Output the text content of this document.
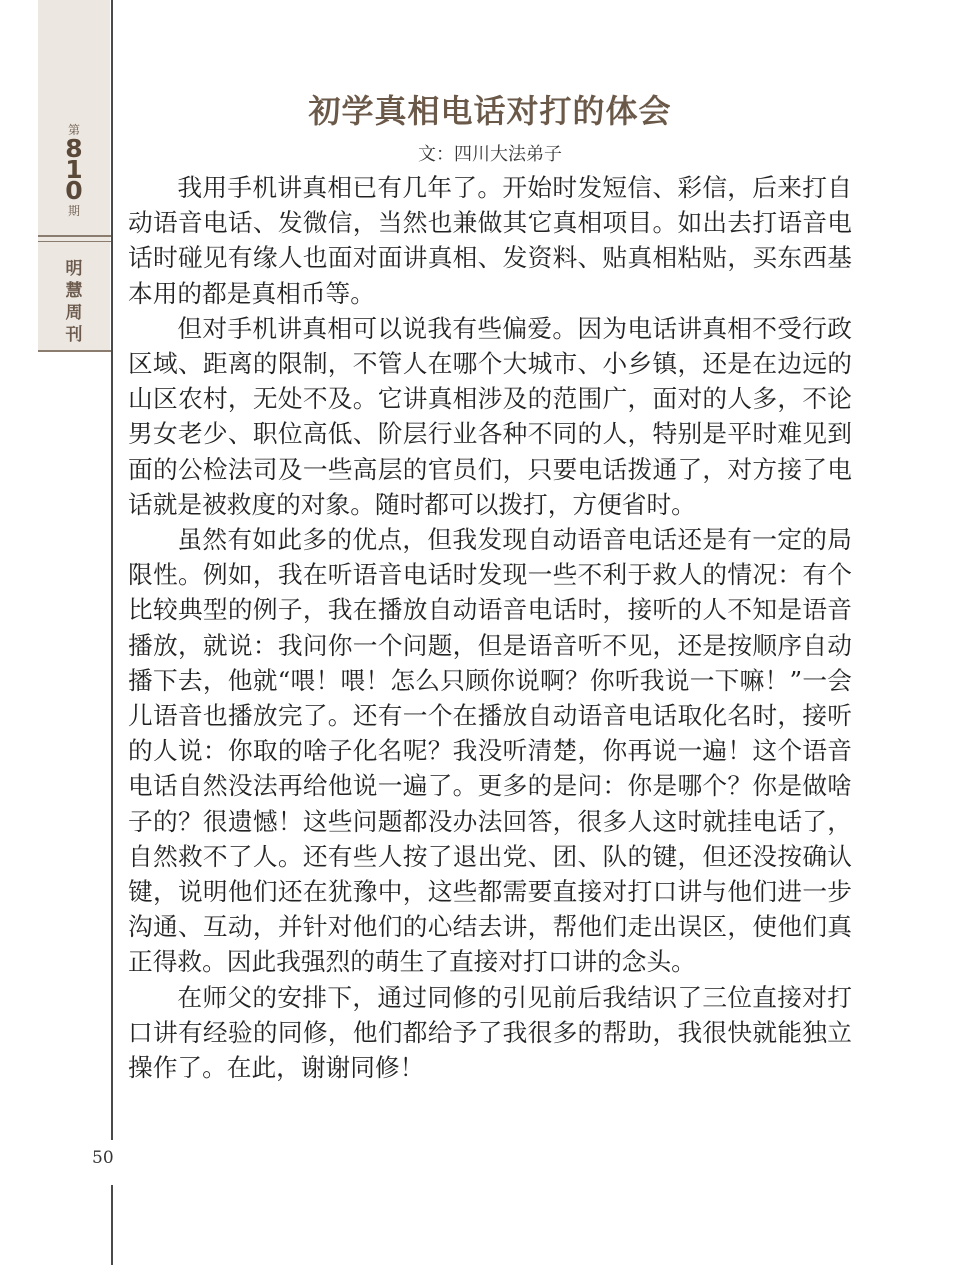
第
8
1
0
期
明
慧
周
刊
初学真相电话对打的体会
文：四川大法弟子

我用手机讲真相已有几年了。开始时发短信、彩信，后来打自动语音电话、发微信，当然也兼做其它真相项目。如出去打语音电话时碰见有缘人也面对面讲真相、发资料、贴真相粘贴，买东西基本用的都是真相币等。

但对手机讲真相可以说我有些偏爱。因为电话讲真相不受行政区域、距离的限制，不管人在哪个大城市、小乡镇，还是在边远的山区农村，无处不及。它讲真相涉及的范围广，面对的人多，不论男女老少、职位高低、阶层行业各种不同的人，特别是平时难见到面的公检法司及一些高层的官员们，只要电话拨通了，对方接了电话就是被救度的对象。随时都可以拨打，方便省时。

虽然有如此多的优点，但我发现自动语音电话还是有一定的局限性。例如，我在听语音电话时发现一些不利于救人的情况：有个比较典型的例子，我在播放自动语音电话时，接听的人不知是语音播放，就说：我问你一个问题，但是语音听不见，还是按顺序自动播下去，他就“喂！喂！怎么只顾你说啊？你听我说一下嘛！”一会儿语音也播放完了。还有一个在播放自动语音电话取化名时，接听的人说：你取的啥子化名呢？我没听清楚，你再说一遍！这个语音电话自然没法再给他说一遍了。更多的是问：你是哪个？你是做啥子的？很遗憾！这些问题都没办法回答，很多人这时就挂电话了，自然救不了人。还有些人按了退出党、团、队的键，但还没按确认键，说明他们还在犹豫中，这些都需要直接对打口讲与他们进一步沟通、互动，并针对他们的心结去讲，帮他们走出误区，使他们真正得救。因此我强烈的萌生了直接对打口讲的念头。

在师父的安排下，通过同修的引见前后我结识了三位直接对打口讲有经验的同修，他们都给予了我很多的帮助，我很快就能独立操作了。在此，谢谢同修！

50
